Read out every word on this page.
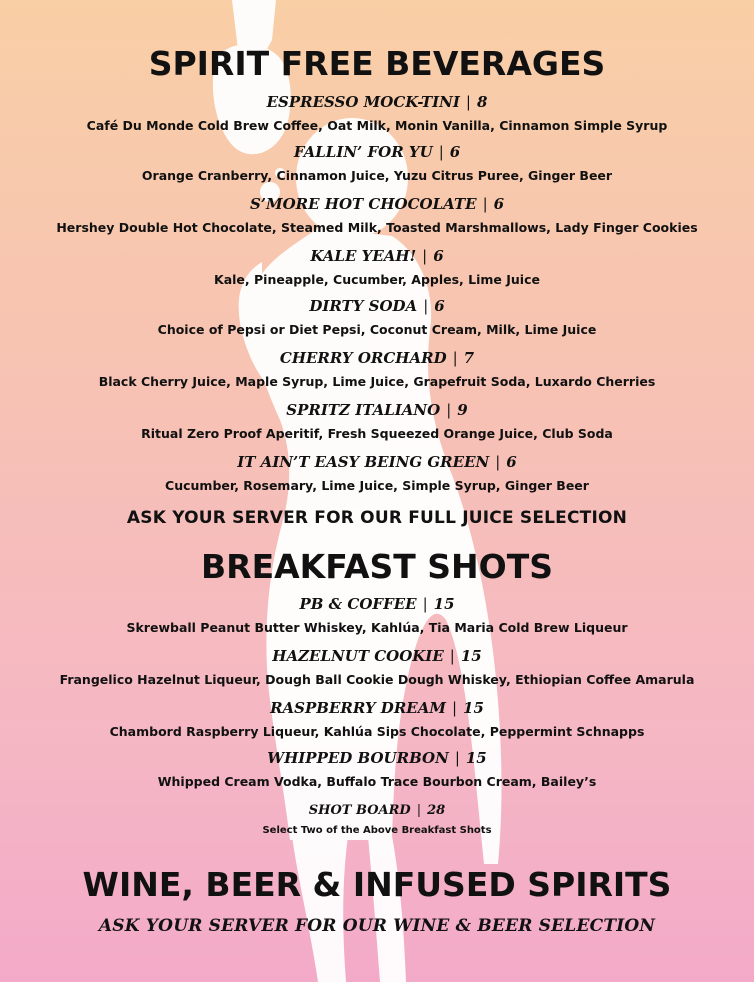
SPIRIT FREE BEVERAGES
ESPRESSO MOCK-TINI | 8
Café Du Monde Cold Brew Coffee, Oat Milk, Monin Vanilla, Cinnamon Simple Syrup
FALLIN’ FOR YU | 6
Orange Cranberry, Cinnamon Juice, Yuzu Citrus Puree, Ginger Beer
S’MORE HOT CHOCOLATE | 6
Hershey Double Hot Chocolate, Steamed Milk, Toasted Marshmallows, Lady Finger Cookies
KALE YEAH! | 6
Kale, Pineapple, Cucumber, Apples, Lime Juice
DIRTY SODA | 6
Choice of Pepsi or Diet Pepsi, Coconut Cream, Milk, Lime Juice
CHERRY ORCHARD | 7
Black Cherry Juice, Maple Syrup, Lime Juice, Grapefruit Soda, Luxardo Cherries
SPRITZ ITALIANO | 9
Ritual Zero Proof Aperitif, Fresh Squeezed Orange Juice, Club Soda
IT AIN’T EASY BEING GREEN | 6
Cucumber, Rosemary, Lime Juice, Simple Syrup, Ginger Beer
ASK YOUR SERVER FOR OUR FULL JUICE SELECTION
BREAKFAST SHOTS
PB & COFFEE | 15
Skrewball Peanut Butter Whiskey, Kahlúa, Tia Maria Cold Brew Liqueur
HAZELNUT COOKIE | 15
Frangelico Hazelnut Liqueur, Dough Ball Cookie Dough Whiskey, Ethiopian Coffee Amarula
RASPBERRY DREAM | 15
Chambord Raspberry Liqueur, Kahlúa Sips Chocolate, Peppermint Schnapps
WHIPPED BOURBON | 15
Whipped Cream Vodka, Buffalo Trace Bourbon Cream, Bailey’s
SHOT BOARD | 28
Select Two of the Above Breakfast Shots
WINE, BEER & INFUSED SPIRITS
ASK YOUR SERVER FOR OUR WINE & BEER SELECTION
